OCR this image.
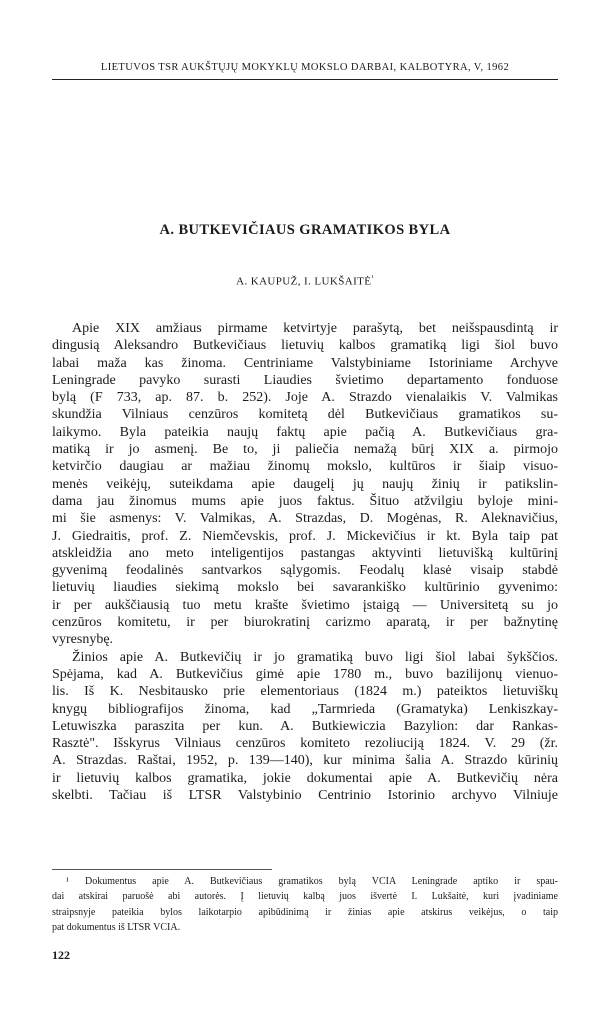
LIETUVOS TSR AUKŠTŲJŲ MOKYKLŲ MOKSLO DARBAI, KALBOTYRA, V, 1962
A. BUTKEVIČIAUS GRAMATIKOS BYLA
A. KAUPUŽ, I. $LUKŠAITĖ^{^1}$
Apie XIX amžiaus pirmame ketvirtyje parašytą, bet neišspausdintą ir
dingusią Aleksandro Butkevičiaus lietuvių kalbos gramatiką ligi šiol buvo
labai maža kas žinoma. Centriniame Valstybiniame Istoriniame Archyve
Leningrade pavyko surasti Liaudies švietimo departamento fonduose
bylą (F 733, ap. 87. b. 252). Joje A. Strazdo vienalaikis V. Valmikas
skundžia Vilniaus cenzūros komitetą dėl Butkevičiaus gramatikos su-
laikymo. Byla pateikia naujų faktų apie pačią A. Butkevičiaus gra-
matiką ir jo asmenį. Be to, ji paliečia nemažą būrį XIX a. pirmojo
ketvirčio daugiau ar mažiau žinomų mokslo, kultūros ir šiaip visuo-
menės veikėjų, suteikdama apie daugelį jų naujų žinių ir patikslin-
dama jau žinomus mums apie juos faktus. Šituo atžvilgiu byloje mini-
mi šie asmenys: V. Valmikas, A. Strazdas, D. Mogėnas, R. Aleknavičius,
J. Giedraitis, prof. Z. Niemčevskis, prof. J. Mickevičius ir kt. Byla taip pat
atskleidžia ano meto inteligentijos pastangas aktyvinti lietuvišką kultūrinį
gyvenimą feodalinės santvarkos sąlygomis. Feodalų klasė visaip stabdė
lietuvių liaudies siekimą mokslo bei savarankiško kultūrinio gyvenimo:
ir per aukščiausią tuo metu krašte švietimo įstaigą — Universitetą su jo
cenzūros komitetu, ir per biurokratinį carizmo aparatą, ir per bažnytinę
vyresnybę.
Žinios apie A. Butkevičių ir jo gramatiką buvo ligi šiol labai šykščios.
Spėjama, kad A. Butkevičius gimė apie 1780 m., buvo bazilijonų vienuo-
lis. Iš K. Nesbitausko prie elementoriaus (1824 m.) pateiktos lietuviškų
knygų bibliografijos žinoma, kad „Tarmrieda (Gramatyka) Lenkiszkay-
Letuwiszka paraszita per kun. A. Butkiewiczia Bazylion: dar Rankas-
Rasztė". Išskyrus Vilniaus cenzūros komiteto rezoliuciją 1824. V. 29 (žr.
A. Strazdas. Raštai, 1952, p. 139—140), kur minima šalia A. Strazdo kūrinių
ir lietuvių kalbos gramatika, jokie dokumentai apie A. Butkevičių nėra
skelbti. Tačiau iš LTSR Valstybinio Centrinio Istorinio archyvo Vilniuje
¹ Dokumentus apie A. Butkevičiaus gramatikos bylą VCIA Leningrade aptiko ir spau-
dai atskirai paruošė abi autorės. Į lietuvių kalbą juos išvertė I. Lukšaitė, kuri įvadiniame
straipsnyje pateikia bylos laikotarpio apibūdinimą ir žinias apie atskirus veikėjus, o taip
pat dokumentus iš LTSR VCIA.
122
